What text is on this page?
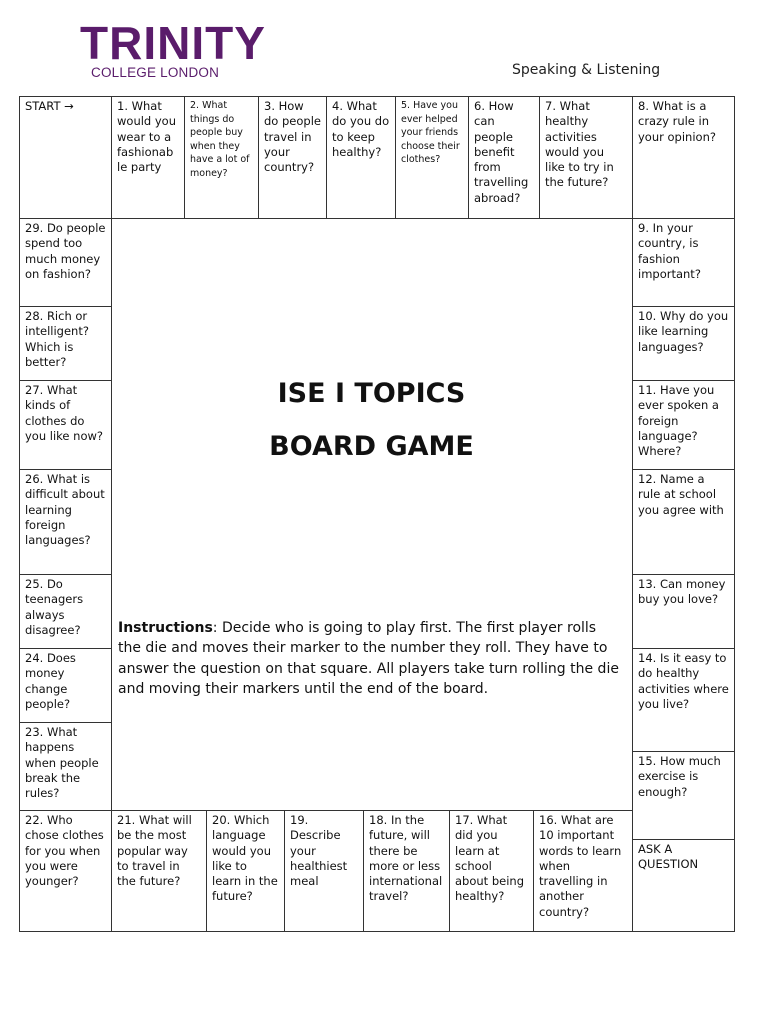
TRINITY
COLLEGE LONDON	Speaking & Listening
START →	1. What would you wear to a fashionab le party
2. What things do people buy when they have a lot of money?
3. How do people travel in your country?
4. What do you do to keep healthy?
5. Have you ever helped your friends choose their clothes?
6. How can people benefit from travelling abroad?
7. What healthy activities would you like to try in the future?
8. What is a crazy rule in your opinion?
9. In your country, is fashion important?
10. Why do you like learning languages?
11. Have you ever spoken a foreign language? Where?
12. Name a rule at school you agree with
13. Can money buy you love?
14. Is it easy to do healthy activities where you live?
15. How much exercise is enough?
ASK A QUESTION
16. What are 10 important words to learn when travelling in another country?
17. What did you learn at school about being healthy?
18. In the future, will there be more or less international travel?
19. Describe your healthiest meal
20. Which language would you like to learn in the future?
21. What will be the most popular way to travel in the future?
22. Who chose clothes for you when you were younger?
23. What happens when people break the rules?
24. Does money change people?
25. Do teenagers always disagree?
26. What is difficult about learning foreign languages?
27. What kinds of clothes do you like now?
28. Rich or intelligent? Which is better?
29. Do people spend too much money on fashion?
ISE I TOPICS
BOARD GAME
Instructions: Decide who is going to play first. The first player rolls the die and moves their marker to the number they roll. They have to answer the question on that square. All players take turn rolling the die and moving their markers until the end of the board.
